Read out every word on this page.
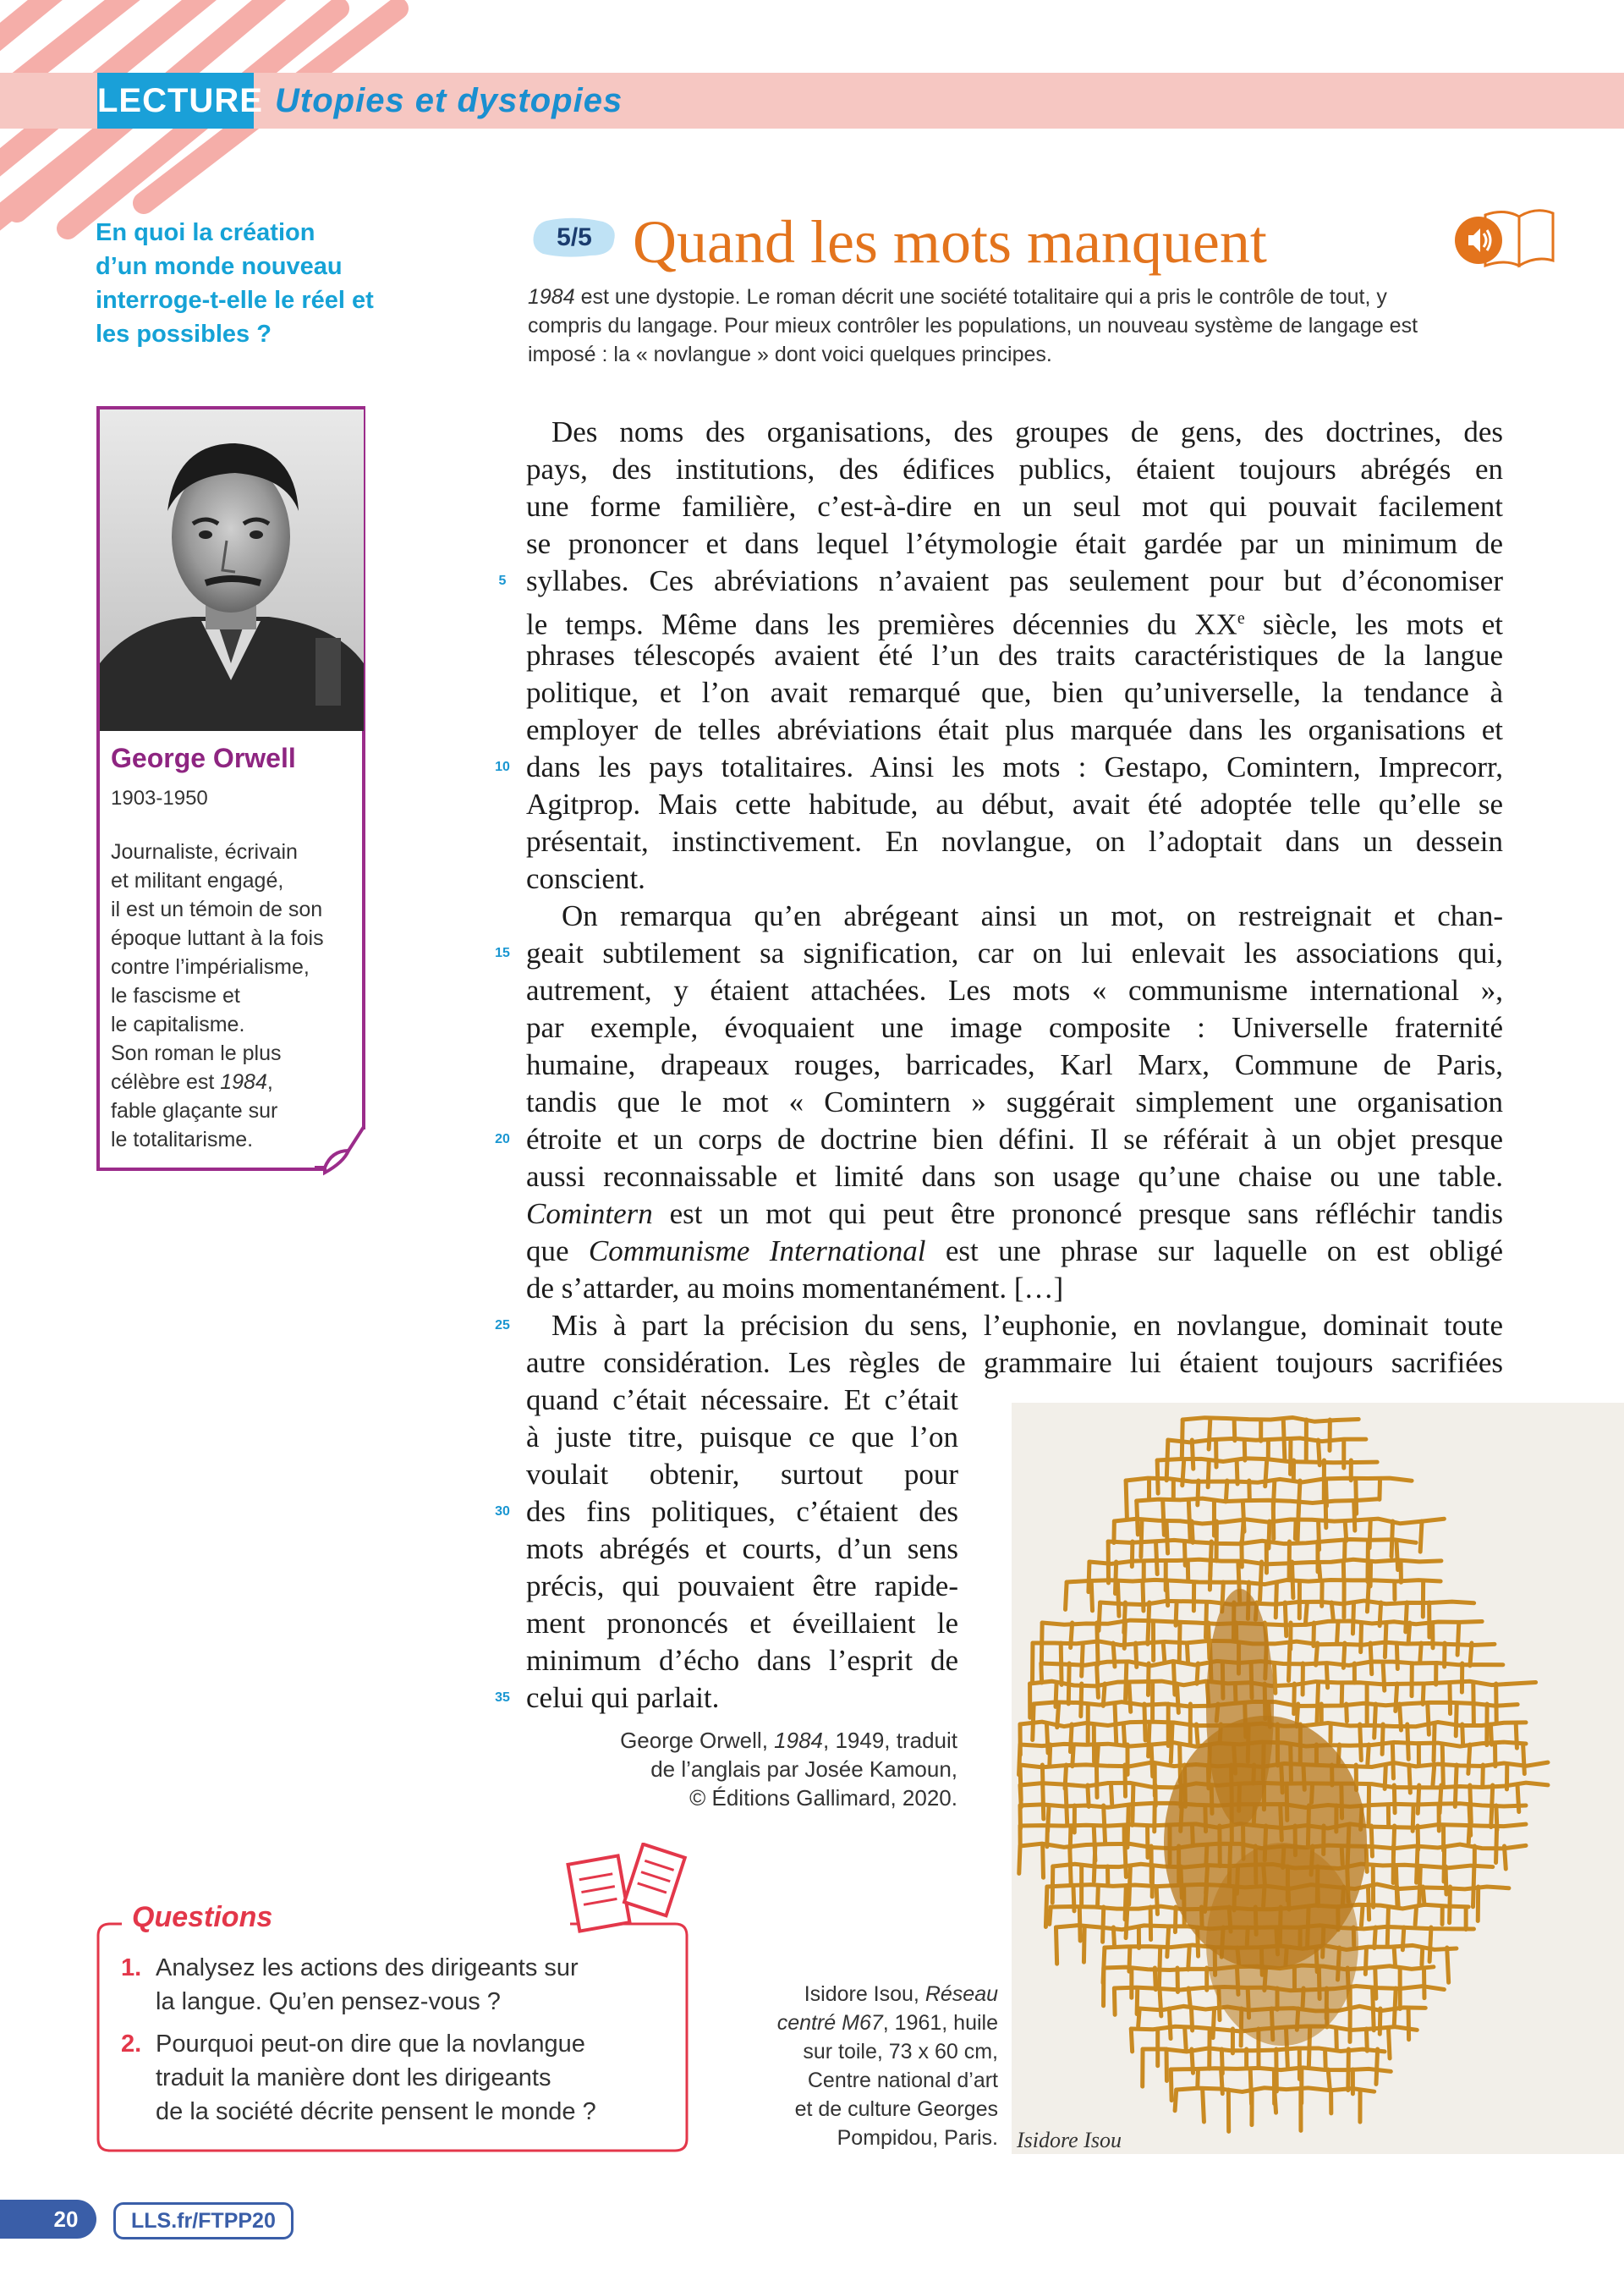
LECTURE Utopies et dystopies
En quoi la création
d’un monde nouveau
interroge-t-elle le réel et
les possibles ?
George Orwell
1903-1950
Journaliste, écrivain
et militant engagé,
il est un témoin de son
époque luttant à la fois
contre l’impérialisme,
le fascisme et
le capitalisme.
Son roman le plus
célèbre est 1984,
fable glaçante sur
le totalitarisme.
5/5 Quand les mots manquent
1984 est une dystopie. Le roman décrit une société totalitaire qui a pris le contrôle de tout, y
compris du langage. Pour mieux contrôler les populations, un nouveau système de langage est
imposé : la « novlangue » dont voici quelques principes.
Des noms des organisations, des groupes de gens, des doctrines, des
pays, des institutions, des édifices publics, étaient toujours abrégés en
une forme familière, c’est-à-dire en un seul mot qui pouvait facilement
se prononcer et dans lequel l’étymologie était gardée par un minimum de
syllabes. Ces abréviations n’avaient pas seulement pour but d’économiser
le temps. Même dans les premières décennies du XXe siècle, les mots et
phrases télescopés avaient été l’un des traits caractéristiques de la langue
politique, et l’on avait remarqué que, bien qu’universelle, la tendance à
employer de telles abréviations était plus marquée dans les organisations et
dans les pays totalitaires. Ainsi les mots : Gestapo, Comintern, Imprecorr,
Agitprop. Mais cette habitude, au début, avait été adoptée telle qu’elle se
présentait, instinctivement. En novlangue, on l’adoptait dans un dessein
conscient.
On remarqua qu’en abrégeant ainsi un mot, on restreignait et chan-
geait subtilement sa signification, car on lui enlevait les associations qui,
autrement, y étaient attachées. Les mots « communisme international »,
par exemple, évoquaient une image composite : Universelle fraternité
humaine, drapeaux rouges, barricades, Karl Marx, Commune de Paris,
tandis que le mot « Comintern » suggérait simplement une organisation
étroite et un corps de doctrine bien défini. Il se référait à un objet presque
aussi reconnaissable et limité dans son usage qu’une chaise ou une table.
Comintern est un mot qui peut être prononcé presque sans réfléchir tandis
que Communisme International est une phrase sur laquelle on est obligé
de s’attarder, au moins momentanément. […]
Mis à part la précision du sens, l’euphonie, en novlangue, dominait toute
autre considération. Les règles de grammaire lui étaient toujours sacrifiées
quand c’était nécessaire. Et c’était
à juste titre, puisque ce que l’on
voulait obtenir, surtout pour
des fins politiques, c’étaient des
mots abrégés et courts, d’un sens
précis, qui pouvaient être rapide-
ment prononcés et éveillaient le
minimum d’écho dans l’esprit de
celui qui parlait.
5
10
15
20
25
30
35
George Orwell, 1984, 1949, traduit
de l’anglais par Josée Kamoun,
© Éditions Gallimard, 2020.
Isidore Isou
Isidore Isou, Réseau
centré M67, 1961, huile
sur toile, 73 x 60 cm,
Centre national d’art
et de culture Georges
Pompidou, Paris.
Questions
1. Analysez les actions des dirigeants sur
la langue. Qu’en pensez-vous ?
2. Pourquoi peut-on dire que la novlangue
traduit la manière dont les dirigeants
de la société décrite pensent le monde ?
20	LLS.fr/FTPP20
